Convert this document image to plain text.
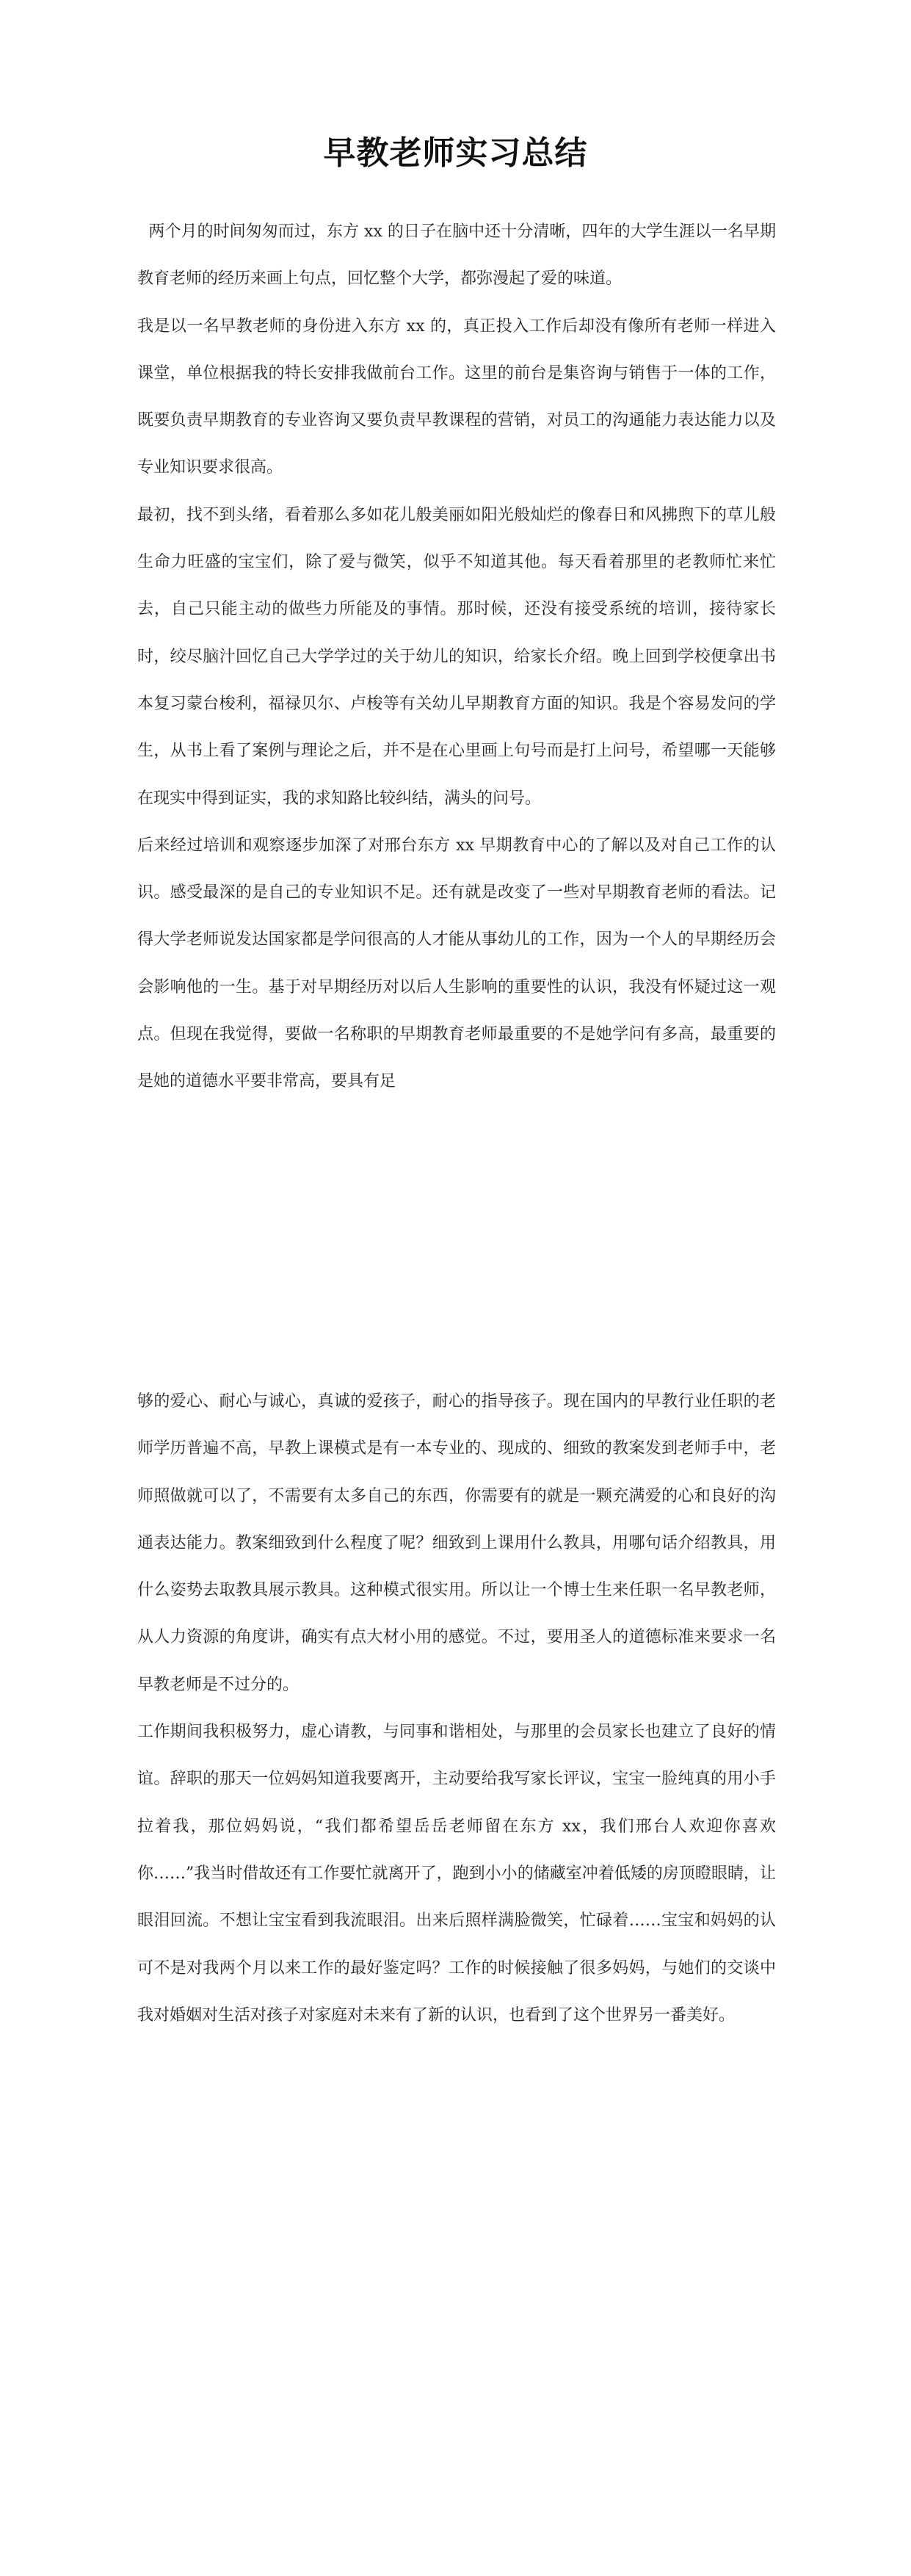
早教老师实习总结

两个月的时间匆匆而过，东方 xx 的日子在脑中还十分清晰，四年的大学生涯以一名早期教育老师的经历来画上句点，回忆整个大学，都弥漫起了爱的味道。

我是以一名早教老师的身份进入东方 xx 的，真正投入工作后却没有像所有老师一样进入课堂，单位根据我的特长安排我做前台工作。这里的前台是集咨询与销售于一体的工作，既要负责早期教育的专业咨询又要负责早教课程的营销，对员工的沟通能力表达能力以及专业知识要求很高。

最初，找不到头绪，看着那么多如花儿般美丽如阳光般灿烂的像春日和风拂煦下的草儿般生命力旺盛的宝宝们，除了爱与微笑，似乎不知道其他。每天看着那里的老教师忙来忙去，自己只能主动的做些力所能及的事情。那时候，还没有接受系统的培训，接待家长时，绞尽脑汁回忆自己大学学过的关于幼儿的知识，给家长介绍。晚上回到学校便拿出书本复习蒙台梭利，福禄贝尔、卢梭等有关幼儿早期教育方面的知识。我是个容易发问的学生，从书上看了案例与理论之后，并不是在心里画上句号而是打上问号，希望哪一天能够在现实中得到证实，我的求知路比较纠结，满头的问号。

后来经过培训和观察逐步加深了对邢台东方 xx 早期教育中心的了解以及对自己工作的认识。感受最深的是自己的专业知识不足。还有就是改变了一些对早期教育老师的看法。记得大学老师说发达国家都是学问很高的人才能从事幼儿的工作，因为一个人的早期经历会会影响他的一生。基于对早期经历对以后人生影响的重要性的认识，我没有怀疑过这一观点。但现在我觉得，要做一名称职的早期教育老师最重要的不是她学问有多高，最重要的是她的道德水平要非常高，要具有足

够的爱心、耐心与诚心，真诚的爱孩子，耐心的指导孩子。现在国内的早教行业任职的老师学历普遍不高，早教上课模式是有一本专业的、现成的、细致的教案发到老师手中，老师照做就可以了，不需要有太多自己的东西，你需要有的就是一颗充满爱的心和良好的沟通表达能力。教案细致到什么程度了呢？细致到上课用什么教具，用哪句话介绍教具，用什么姿势去取教具展示教具。这种模式很实用。所以让一个博士生来任职一名早教老师，从人力资源的角度讲，确实有点大材小用的感觉。不过，要用圣人的道德标准来要求一名早教老师是不过分的。

工作期间我积极努力，虚心请教，与同事和谐相处，与那里的会员家长也建立了良好的情谊。辞职的那天一位妈妈知道我要离开，主动要给我写家长评议，宝宝一脸纯真的用小手拉着我，那位妈妈说，“我们都希望岳岳老师留在东方 xx，我们邢台人欢迎你喜欢你……”我当时借故还有工作要忙就离开了，跑到小小的储藏室冲着低矮的房顶瞪眼睛，让眼泪回流。不想让宝宝看到我流眼泪。出来后照样满脸微笑，忙碌着……宝宝和妈妈的认可不是对我两个月以来工作的最好鉴定吗？工作的时候接触了很多妈妈，与她们的交谈中我对婚姻对生活对孩子对家庭对未来有了新的认识，也看到了这个世界另一番美好。
